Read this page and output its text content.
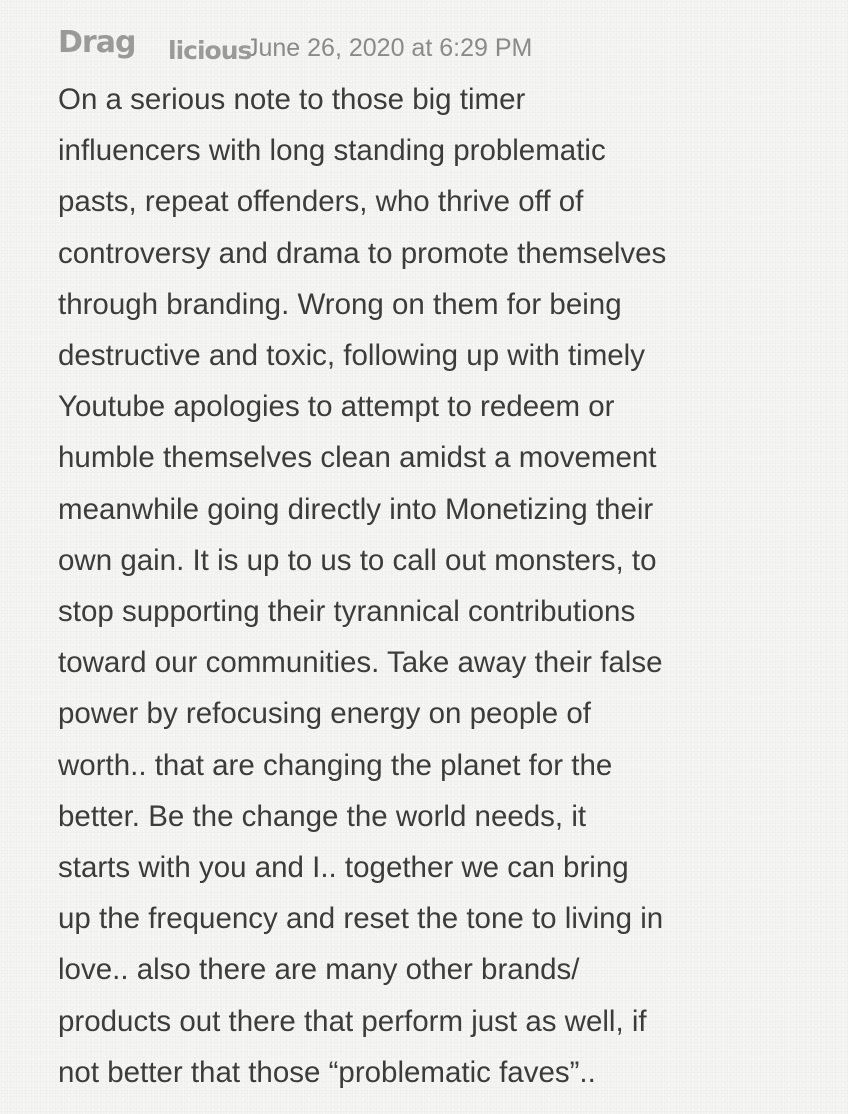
Drag licious
June 26, 2020 at 6:29 PM
On a serious note to those big timer
influencers with long standing problematic
pasts, repeat offenders, who thrive off of
controversy and drama to promote themselves
through branding. Wrong on them for being
destructive and toxic, following up with timely
Youtube apologies to attempt to redeem or
humble themselves clean amidst a movement
meanwhile going directly into Monetizing their
own gain. It is up to us to call out monsters, to
stop supporting their tyrannical contributions
toward our communities. Take away their false
power by refocusing energy on people of
worth.. that are changing the planet for the
better. Be the change the world needs, it
starts with you and I.. together we can bring
up the frequency and reset the tone to living in
love.. also there are many other brands/
products out there that perform just as well, if
not better that those “problematic faves”..
